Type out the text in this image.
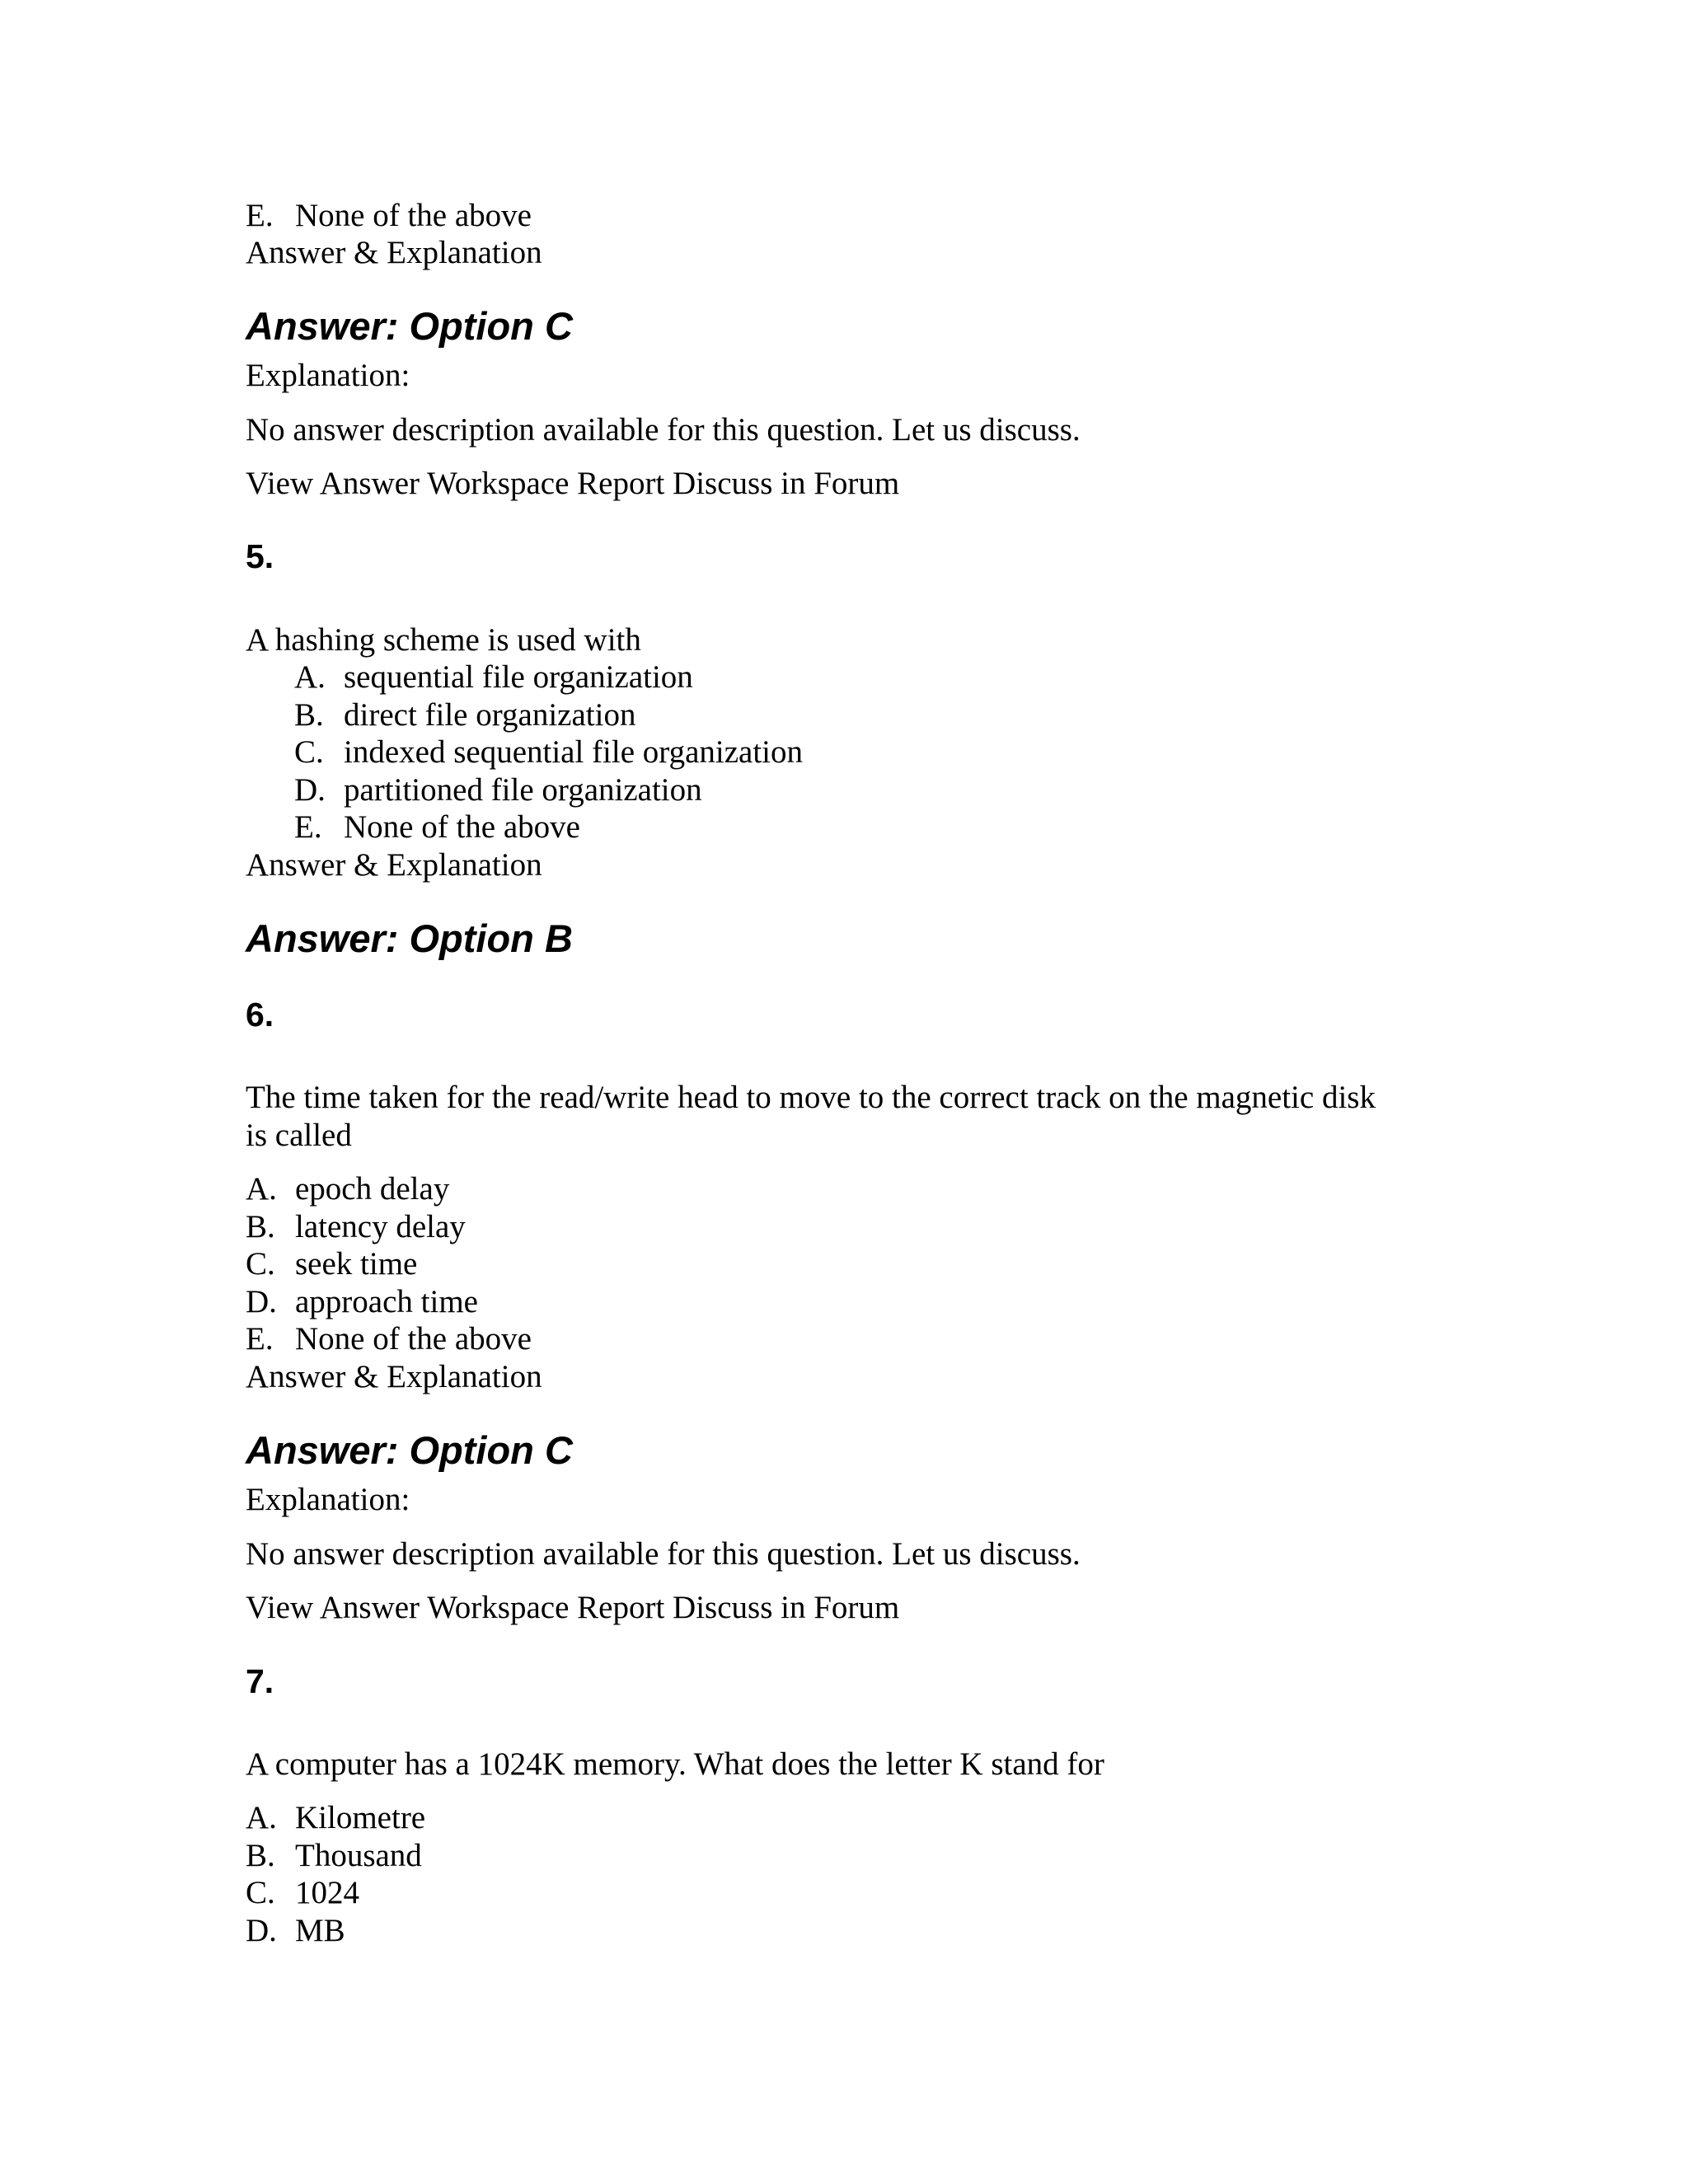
E. None of the above
Answer & Explanation
Answer: Option C
Explanation:
No answer description available for this question. Let us discuss.
View Answer Workspace Report Discuss in Forum
5.
A hashing scheme is used with
A. sequential file organization
B. direct file organization
C. indexed sequential file organization
D. partitioned file organization
E. None of the above
Answer & Explanation
Answer: Option B
6.
The time taken for the read/write head to move to the correct track on the magnetic disk
is called
A. epoch delay
B. latency delay
C. seek time
D. approach time
E. None of the above
Answer & Explanation
Answer: Option C
Explanation:
No answer description available for this question. Let us discuss.
View Answer Workspace Report Discuss in Forum
7.
A computer has a 1024K memory. What does the letter K stand for
A. Kilometre
B. Thousand
C. 1024
D. MB
